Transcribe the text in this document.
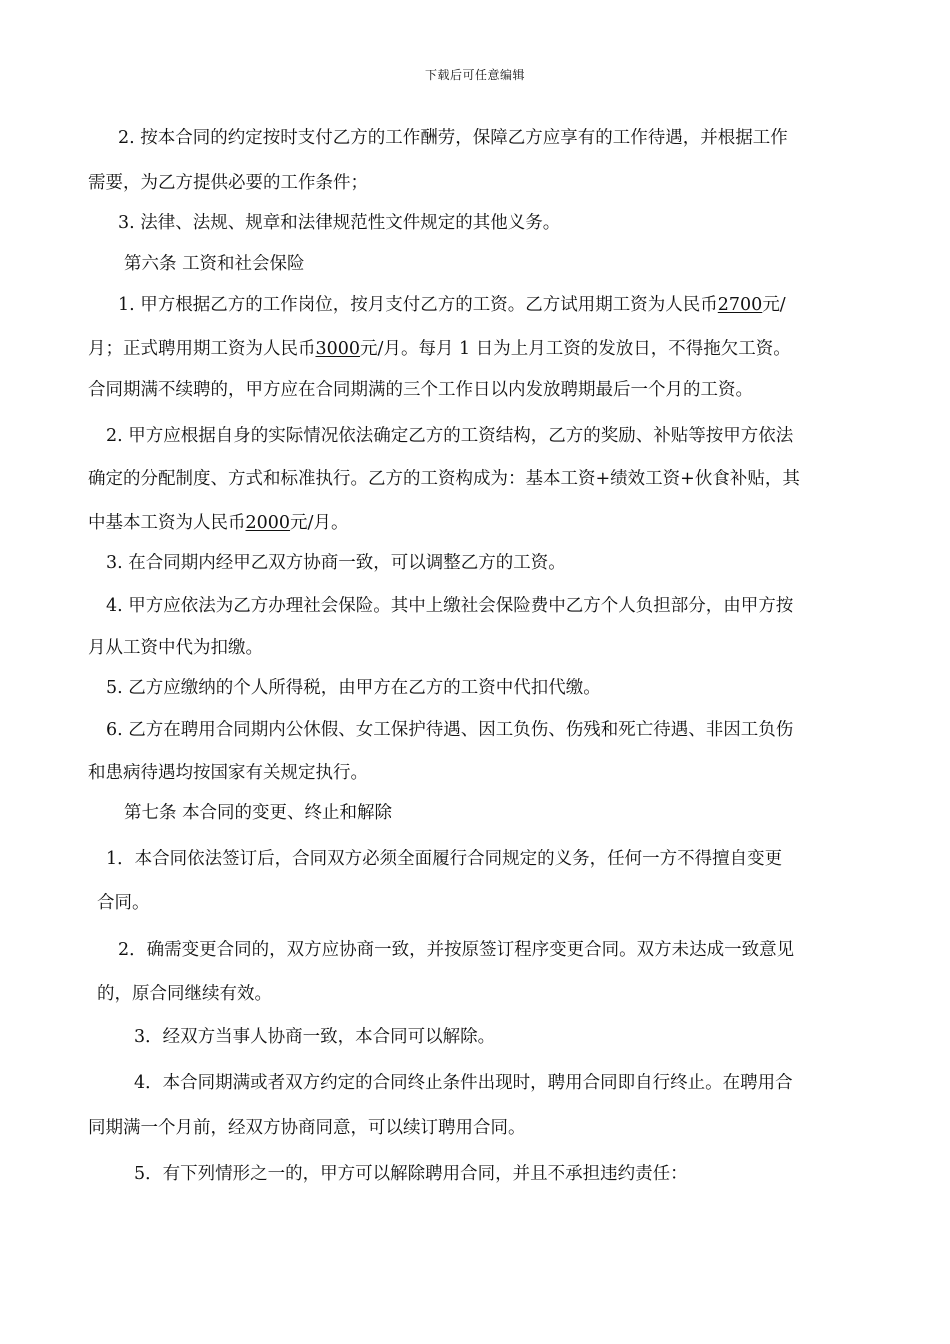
下载后可任意编辑
2. 按本合同的约定按时支付乙方的工作酬劳，保障乙方应享有的工作待遇，并根据工作
需要，为乙方提供必要的工作条件；
3. 法律、法规、规章和法律规范性文件规定的其他义务。
第六条 工资和社会保险
1. 甲方根据乙方的工作岗位，按月支付乙方的工资。乙方试用期工资为人民币2700元/
月；正式聘用期工资为人民币3000元/月。每月 1 日为上月工资的发放日，不得拖欠工资。
合同期满不续聘的，甲方应在合同期满的三个工作日以内发放聘期最后一个月的工资。
2. 甲方应根据自身的实际情况依法确定乙方的工资结构，乙方的奖励、补贴等按甲方依法
确定的分配制度、方式和标准执行。乙方的工资构成为：基本工资+绩效工资+伙食补贴，其
中基本工资为人民币2000元/月。
3. 在合同期内经甲乙双方协商一致，可以调整乙方的工资。
4. 甲方应依法为乙方办理社会保险。其中上缴社会保险费中乙方个人负担部分，由甲方按
月从工资中代为扣缴。
5. 乙方应缴纳的个人所得税，由甲方在乙方的工资中代扣代缴。
6. 乙方在聘用合同期内公休假、女工保护待遇、因工负伤、伤残和死亡待遇、非因工负伤
和患病待遇均按国家有关规定执行。
第七条 本合同的变更、终止和解除
1．本合同依法签订后，合同双方必须全面履行合同规定的义务，任何一方不得擅自变更
合同。
2．确需变更合同的，双方应协商一致，并按原签订程序变更合同。双方未达成一致意见
的，原合同继续有效。
3．经双方当事人协商一致，本合同可以解除。
4．本合同期满或者双方约定的合同终止条件出现时，聘用合同即自行终止。在聘用合
同期满一个月前，经双方协商同意，可以续订聘用合同。
5．有下列情形之一的，甲方可以解除聘用合同，并且不承担违约责任：
